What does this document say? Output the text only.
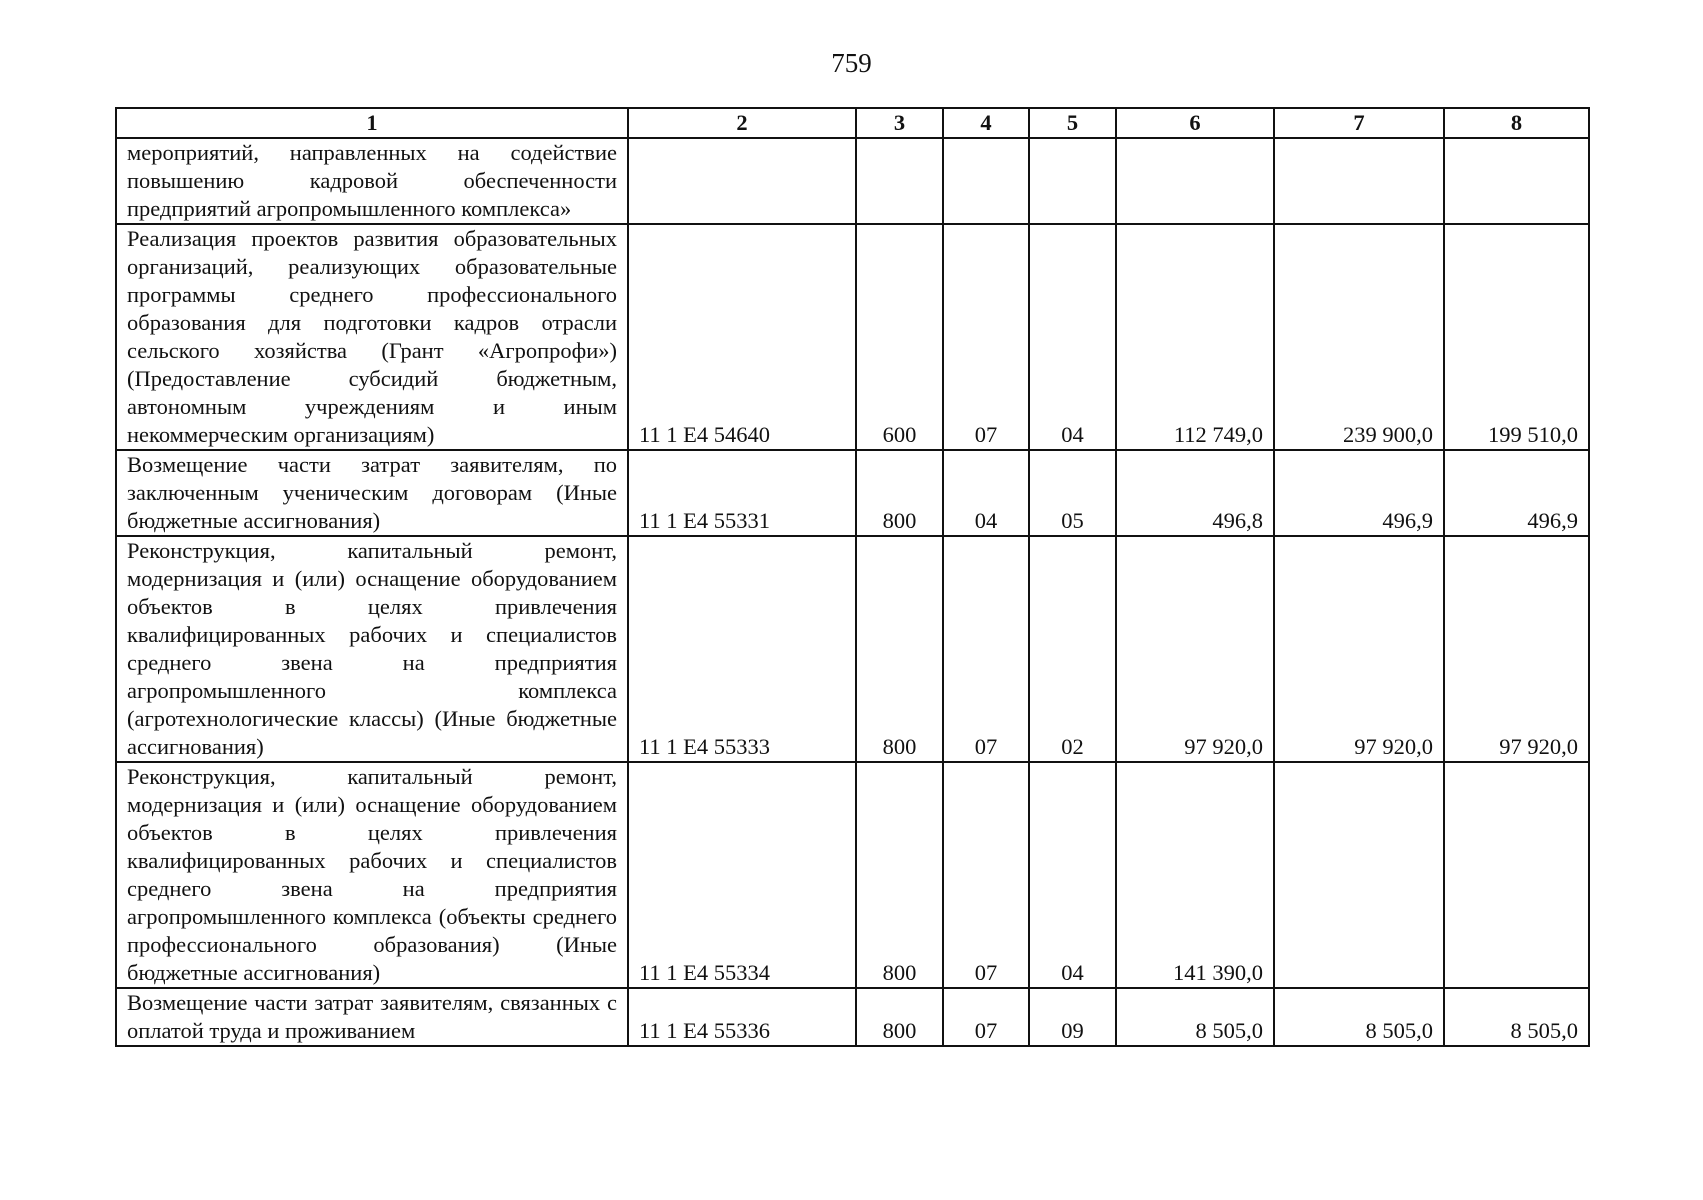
759
1	2	3	4	5	6	7	8
мероприятий, направленных на содействие повышению кадровой обеспеченности предприятий агропромышленного комплекса»							
Реализация проектов развития образовательных организаций, реализующих образовательные программы среднего профессионального образования для подготовки кадров отрасли сельского хозяйства (Грант «Агропрофи») (Предоставление субсидий бюджетным, автономным учреждениям и иным некоммерческим организациям)	11 1 Е4 54640	600	07	04	112 749,0	239 900,0	199 510,0
Возмещение части затрат заявителям, по заключенным ученическим договорам (Иные бюджетные ассигнования)	11 1 Е4 55331	800	04	05	496,8	496,9	496,9
Реконструкция, капитальный ремонт, модернизация и (или) оснащение оборудованием объектов в целях привлечения квалифицированных рабочих и специалистов среднего звена на предприятия агропромышленного комплекса (агротехнологические классы) (Иные бюджетные ассигнования)	11 1 Е4 55333	800	07	02	97 920,0	97 920,0	97 920,0
Реконструкция, капитальный ремонт, модернизация и (или) оснащение оборудованием объектов в целях привлечения квалифицированных рабочих и специалистов среднего звена на предприятия агропромышленного комплекса (объекты среднего профессионального образования) (Иные бюджетные ассигнования)	11 1 Е4 55334	800	07	04	141 390,0		
Возмещение части затрат заявителям, связанных с оплатой труда и проживанием	11 1 Е4 55336	800	07	09	8 505,0	8 505,0	8 505,0
